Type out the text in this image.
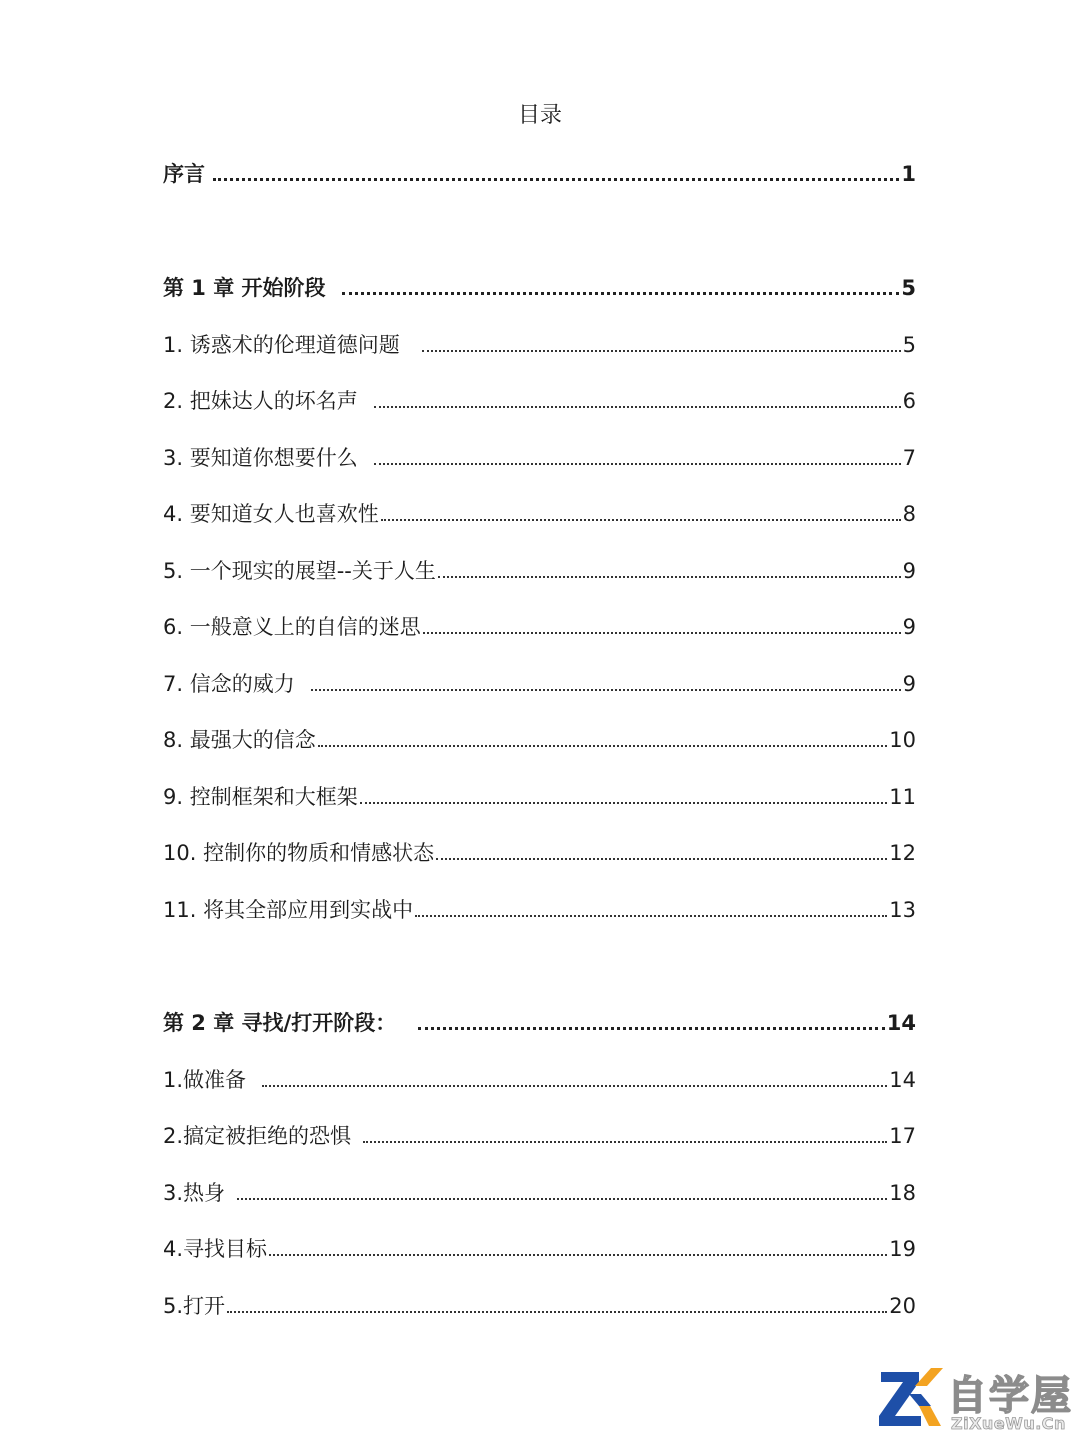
目录
序言	1
第 1 章 开始阶段	5
1. 诱惑术的伦理道德问题	5
2. 把妹达人的坏名声	6
3. 要知道你想要什么	7
4. 要知道女人也喜欢性	8
5. 一个现实的展望--关于人生	9
6. 一般意义上的自信的迷思	9
7. 信念的威力	9
8. 最强大的信念	10
9. 控制框架和大框架	11
10. 控制你的物质和情感状态	12
11. 将其全部应用到实战中	13
第 2 章 寻找/打开阶段：	14
1.做准备	14
2.搞定被拒绝的恐惧	17
3.热身	18
4.寻找目标	19
5.打开	20
自学屋
ZiXueWu.Cn
